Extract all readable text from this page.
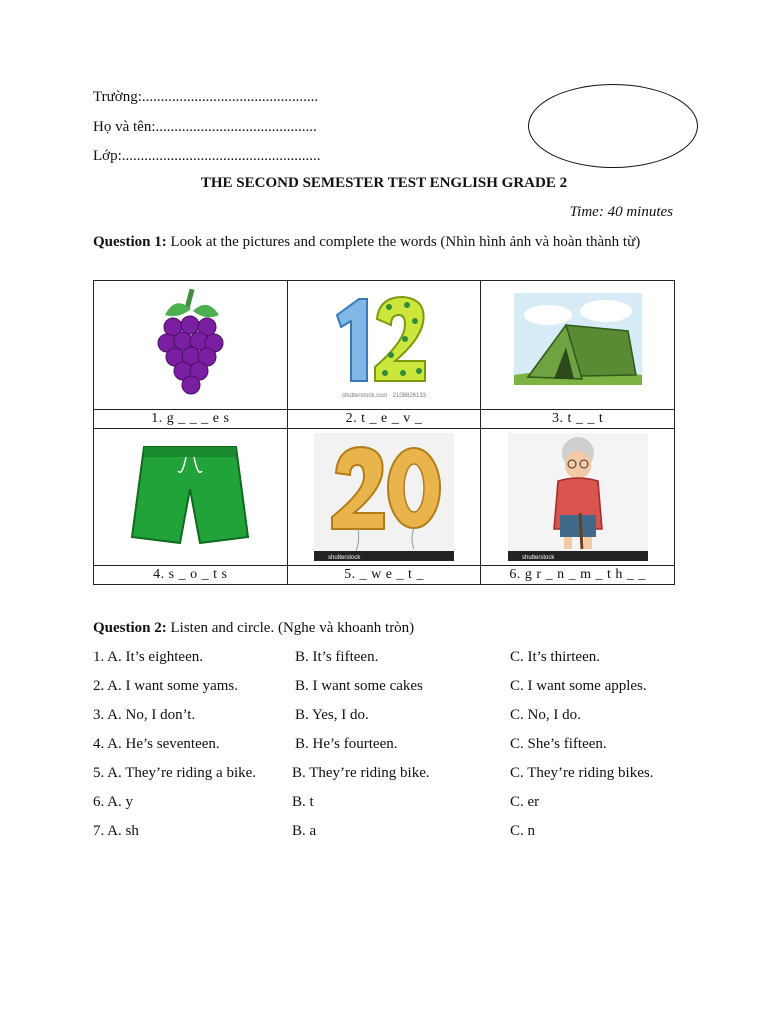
Trường:...............................................
Họ và tên:...........................................
Lớp:.....................................................
THE SECOND SEMESTER TEST ENGLISH GRADE 2
Time: 40 minutes
Question 1: Look at the pictures and complete the words (Nhìn hình ảnh và hoàn thành từ)

shutterstock.com · 2108826133

1. g _ _ _ e s	2. t _ e _ v _	3. t _ _ t

shutterstock	shutterstock

4. s _ o _ t s	5. _ w e _ t _	6. g r _ n _ m _ t h _ _
Question 2: Listen and circle. (Nghe và khoanh tròn)
1. A. It’s eighteen.	B. It’s fifteen.	C. It’s thirteen.
2. A. I want some yams.	B. I want some cakes	C. I want some apples.
3. A. No, I don’t.	B. Yes, I do.	C. No, I do.
4. A. He’s seventeen.	B. He’s fourteen.	C. She’s fifteen.
5. A. They’re riding a bike. B. They’re riding bike.	C. They’re riding bikes.
6. A. y	B. t	C. er
7. A. sh	B. a	C. n
